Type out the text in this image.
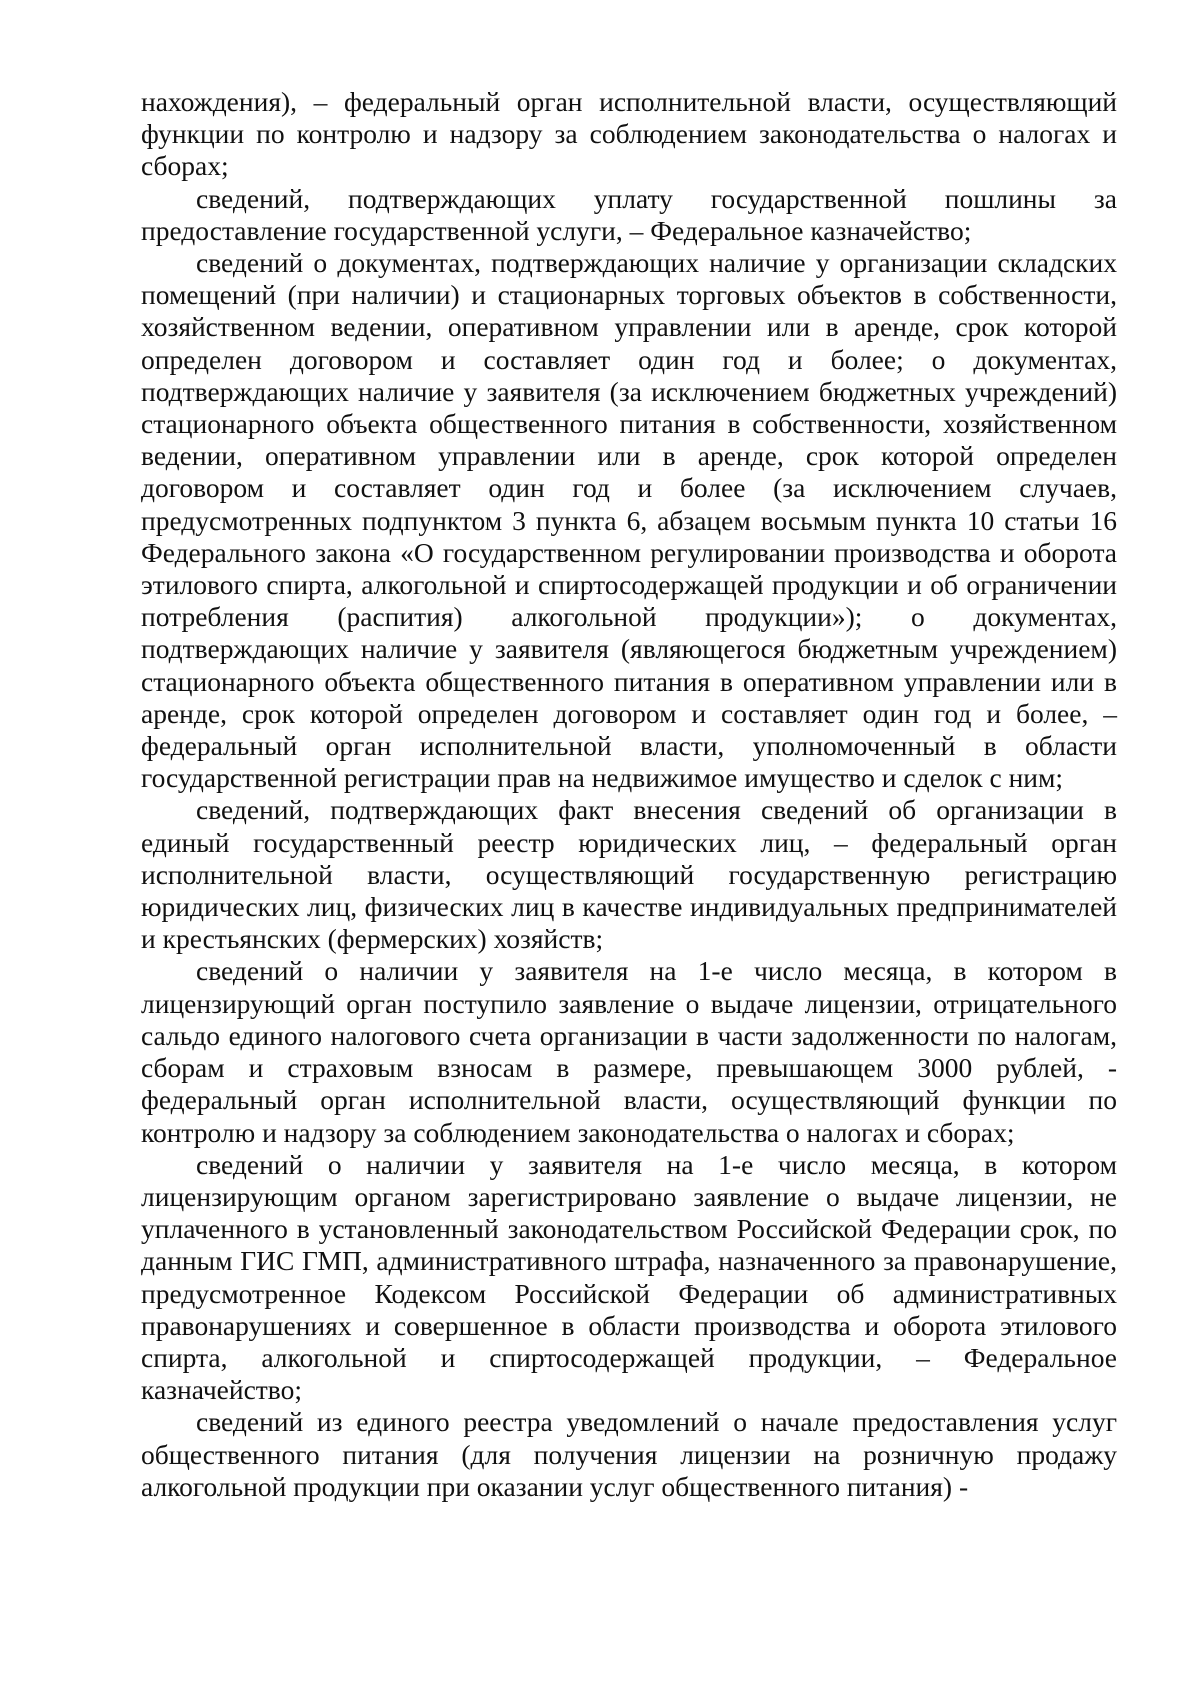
нахождения), – федеральный орган исполнительной власти, осуществляющий функции по контролю и надзору за соблюдением законодательства о налогах и сборах;

сведений, подтверждающих уплату государственной пошлины за предоставление государственной услуги, – Федеральное казначейство;

сведений о документах, подтверждающих наличие у организации складских помещений (при наличии) и стационарных торговых объектов в собственности, хозяйственном ведении, оперативном управлении или в аренде, срок которой определен договором и составляет один год и более; о документах, подтверждающих наличие у заявителя (за исключением бюджетных учреждений) стационарного объекта общественного питания в собственности, хозяйственном ведении, оперативном управлении или в аренде, срок которой определен договором и составляет один год и более (за исключением случаев, предусмотренных подпунктом 3 пункта 6, абзацем восьмым пункта 10 статьи 16 Федерального закона «О государственном регулировании производства и оборота этилового спирта, алкогольной и спиртосодержащей продукции и об ограничении потребления (распития) алкогольной продукции»); о документах, подтверждающих наличие у заявителя (являющегося бюджетным учреждением) стационарного объекта общественного питания в оперативном управлении или в аренде, срок которой определен договором и составляет один год и более, – федеральный орган исполнительной власти, уполномоченный в области государственной регистрации прав на недвижимое имущество и сделок с ним;

сведений, подтверждающих факт внесения сведений об организации в единый государственный реестр юридических лиц, – федеральный орган исполнительной власти, осуществляющий государственную регистрацию юридических лиц, физических лиц в качестве индивидуальных предпринимателей и крестьянских (фермерских) хозяйств;

сведений о наличии у заявителя на 1-е число месяца, в котором в лицензирующий орган поступило заявление о выдаче лицензии, отрицательного сальдо единого налогового счета организации в части задолженности по налогам, сборам и страховым взносам в размере, превышающем 3000 рублей, - федеральный орган исполнительной власти, осуществляющий функции по контролю и надзору за соблюдением законодательства о налогах и сборах;

сведений о наличии у заявителя на 1-е число месяца, в котором лицензирующим органом зарегистрировано заявление о выдаче лицензии, не уплаченного в установленный законодательством Российской Федерации срок, по данным ГИС ГМП, административного штрафа, назначенного за правонарушение, предусмотренное Кодексом Российской Федерации об административных правонарушениях и совершенное в области производства и оборота этилового спирта, алкогольной и спиртосодержащей продукции, – Федеральное казначейство;

сведений из единого реестра уведомлений о начале предоставления услуг общественного питания (для получения лицензии на розничную продажу алкогольной продукции при оказании услуг общественного питания) -
